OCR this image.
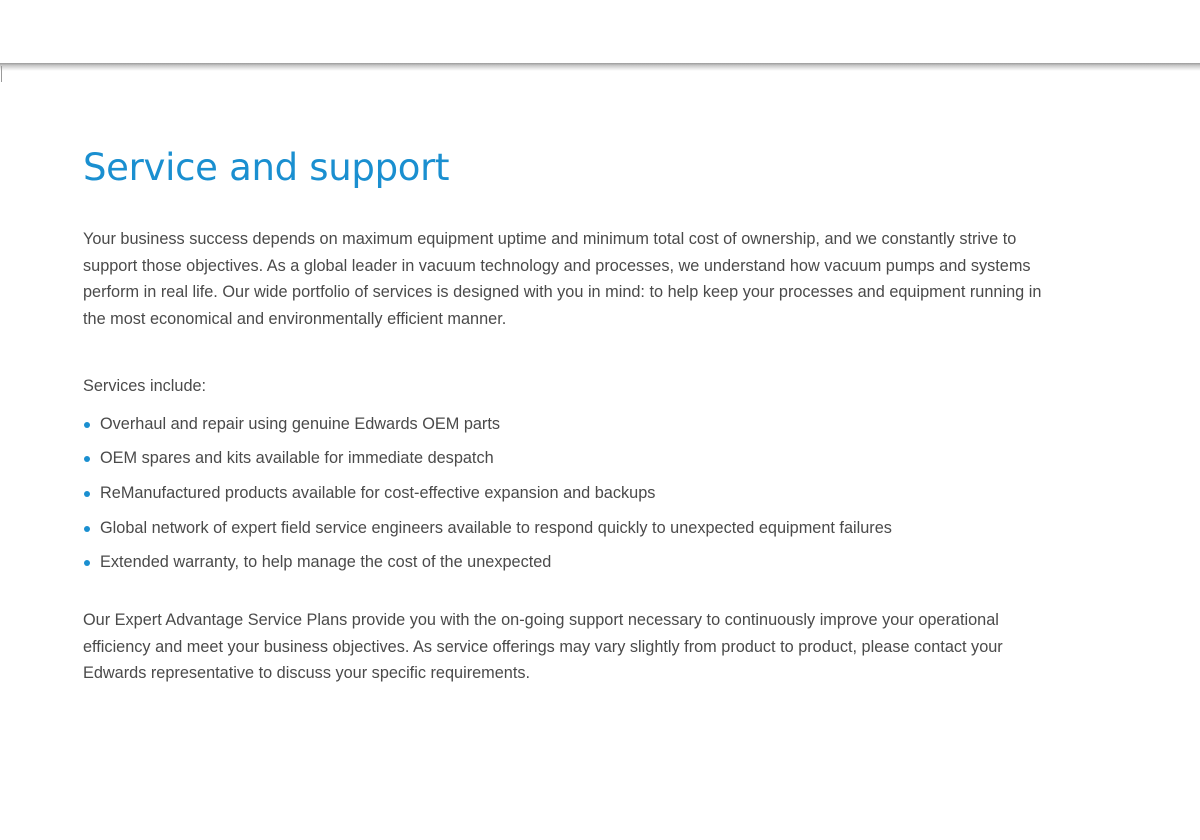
Service and support

Your business success depends on maximum equipment uptime and minimum total cost of ownership, and we constantly strive to support those objectives. As a global leader in vacuum technology and processes, we understand how vacuum pumps and systems perform in real life. Our wide portfolio of services is designed with you in mind: to help keep your processes and equipment running in the most economical and environmentally efficient manner.

Services include:

Overhaul and repair using genuine Edwards OEM parts
OEM spares and kits available for immediate despatch
ReManufactured products available for cost-effective expansion and backups
Global network of expert field service engineers available to respond quickly to unexpected equipment failures
Extended warranty, to help manage the cost of the unexpected

Our Expert Advantage Service Plans provide you with the on-going support necessary to continuously improve your operational efficiency and meet your business objectives. As service offerings may vary slightly from product to product, please contact your Edwards representative to discuss your specific requirements.
